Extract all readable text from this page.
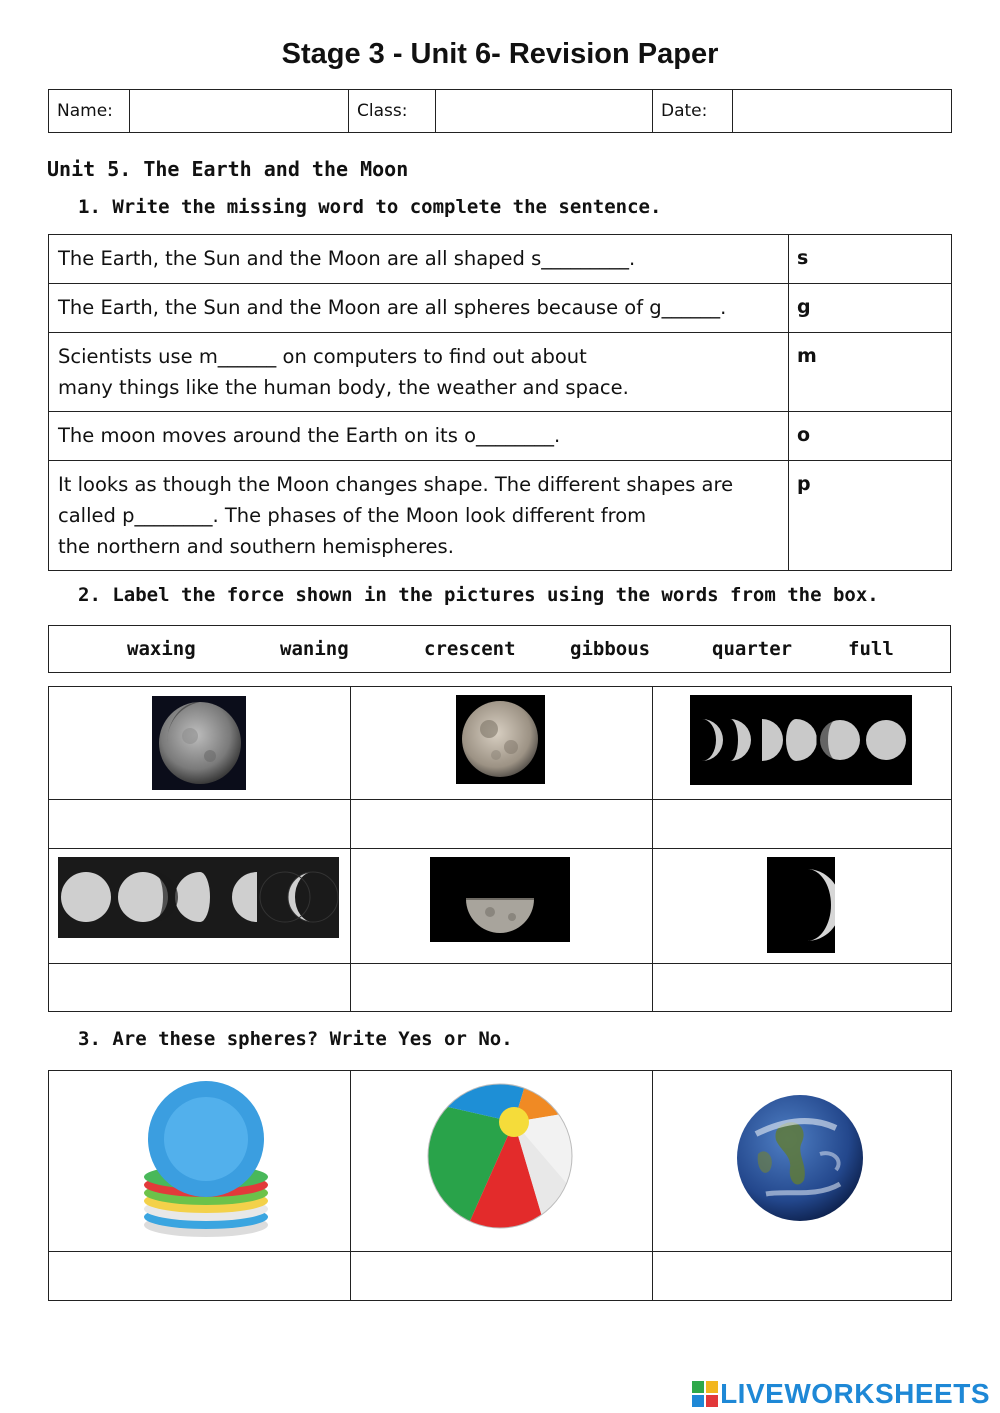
Stage 3 - Unit 6- Revision Paper
Name:		Class:		Date:	
Unit 5. The Earth and the Moon
1. Write the missing word to complete the sentence.
The Earth, the Sun and the Moon are all shaped s_________.	s
The Earth, the Sun and the Moon are all spheres because of g______.	g
Scientists use m______ on computers to find out about
many things like the human body, the weather and space.	m
The moon moves around the Earth on its o________.	o
It looks as though the Moon changes shape. The different shapes are
called p________. The phases of the Moon look different from
the northern and southern hemispheres.	p
2. Label the force shown in the pictures using the words from the box.
waxing	waning	crescent	gibbous	quarter	full

3. Are these spheres? Write Yes or No.

LIVEWORKSHEETS
